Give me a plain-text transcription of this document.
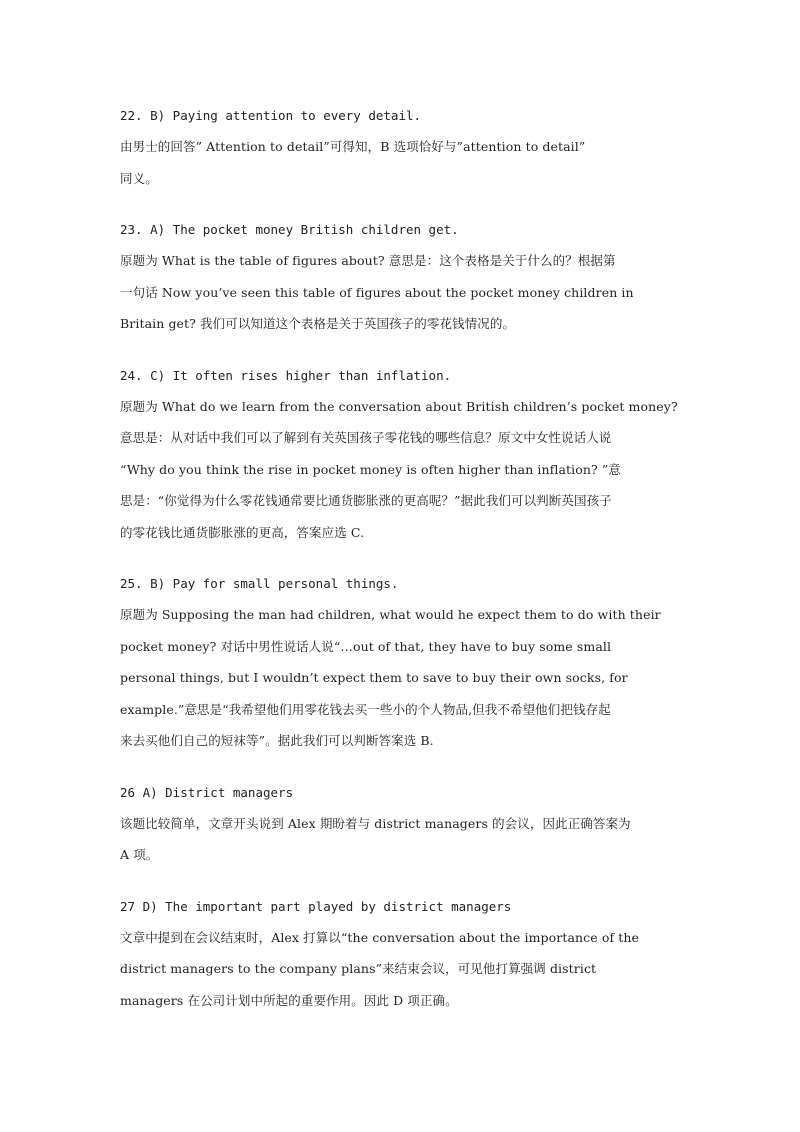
22. B) Paying attention to every detail.
由男士的回答” Attention to detail”可得知，B 选项恰好与”attention to detail”
同义。
23. A) The pocket money British children get.
原题为 What is the table of figures about? 意思是：这个表格是关于什么的？根据第
一句话 Now you’ve seen this table of figures about the pocket money children in
Britain get? 我们可以知道这个表格是关于英国孩子的零花钱情况的。
24. C) It often rises higher than inflation.
原题为 What do we learn from the conversation about British children’s pocket money?
意思是：从对话中我们可以了解到有关英国孩子零花钱的哪些信息？原文中女性说话人说
“Why do you think the rise in pocket money is often higher than inflation? ”意
思是：“你觉得为什么零花钱通常要比通货膨胀涨的更高呢？”据此我们可以判断英国孩子
的零花钱比通货膨胀涨的更高，答案应选 C.
25. B) Pay for small personal things.
原题为 Supposing the man had children, what would he expect them to do with their
pocket money? 对话中男性说话人说“…out of that, they have to buy some small
personal things, but I wouldn’t expect them to save to buy their own socks, for
example.”意思是“我希望他们用零花钱去买一些小的个人物品,但我不希望他们把钱存起
来去买他们自己的短袜等”。据此我们可以判断答案选 B.
26 A) District managers
该题比较简单，文章开头说到 Alex 期盼着与 district managers 的会议，因此正确答案为
A 项。
27 D) The important part played by district managers
文章中提到在会议结束时，Alex 打算以“the conversation about the importance of the
district managers to the company plans”来结束会议，可见他打算强调 district
managers 在公司计划中所起的重要作用。因此 D 项正确。
